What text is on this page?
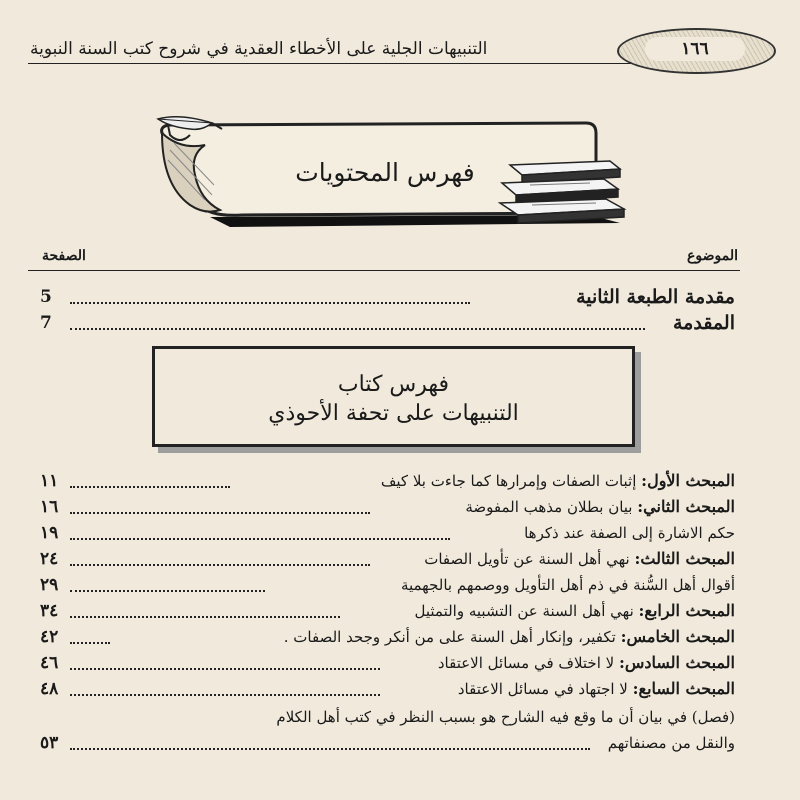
التنبيهات الجلية على الأخطاء العقدية في شروح كتب السنة النبوية	١٦٦
فهرس المحتويات
الموضوع
الصفحة
مقدمة الطبعة الثانية
5
المقدمة
7
فهرس كتاب
التنبيهات على تحفة الأحوذي
المبحث الأول: إثبات الصفات وإمرارها كما جاءت بلا كيف
١١
المبحث الثاني: بيان بطلان مذهب المفوضة
١٦
حكم الاشارة إلى الصفة عند ذكرها
١٩
المبحث الثالث: نهي أهل السنة عن تأويل الصفات
٢٤
أقوال أهل السُّنة في ذم أهل التأويل ووصمهم بالجهمية
٢٩
المبحث الرابع: نهي أهل السنة عن التشبيه والتمثيل
٣٤
المبحث الخامس: تكفير، وإنكار أهل السنة على من أنكر وجحد الصفات .
٤٢
المبحث السادس: لا اختلاف في مسائل الاعتقاد
٤٦
المبحث السابع: لا اجتهاد في مسائل الاعتقاد
٤٨
(فصل) في بيان أن ما وقع فيه الشارح هو بسبب النظر في كتب أهل الكلام
والنقل من مصنفاتهم
٥٣
